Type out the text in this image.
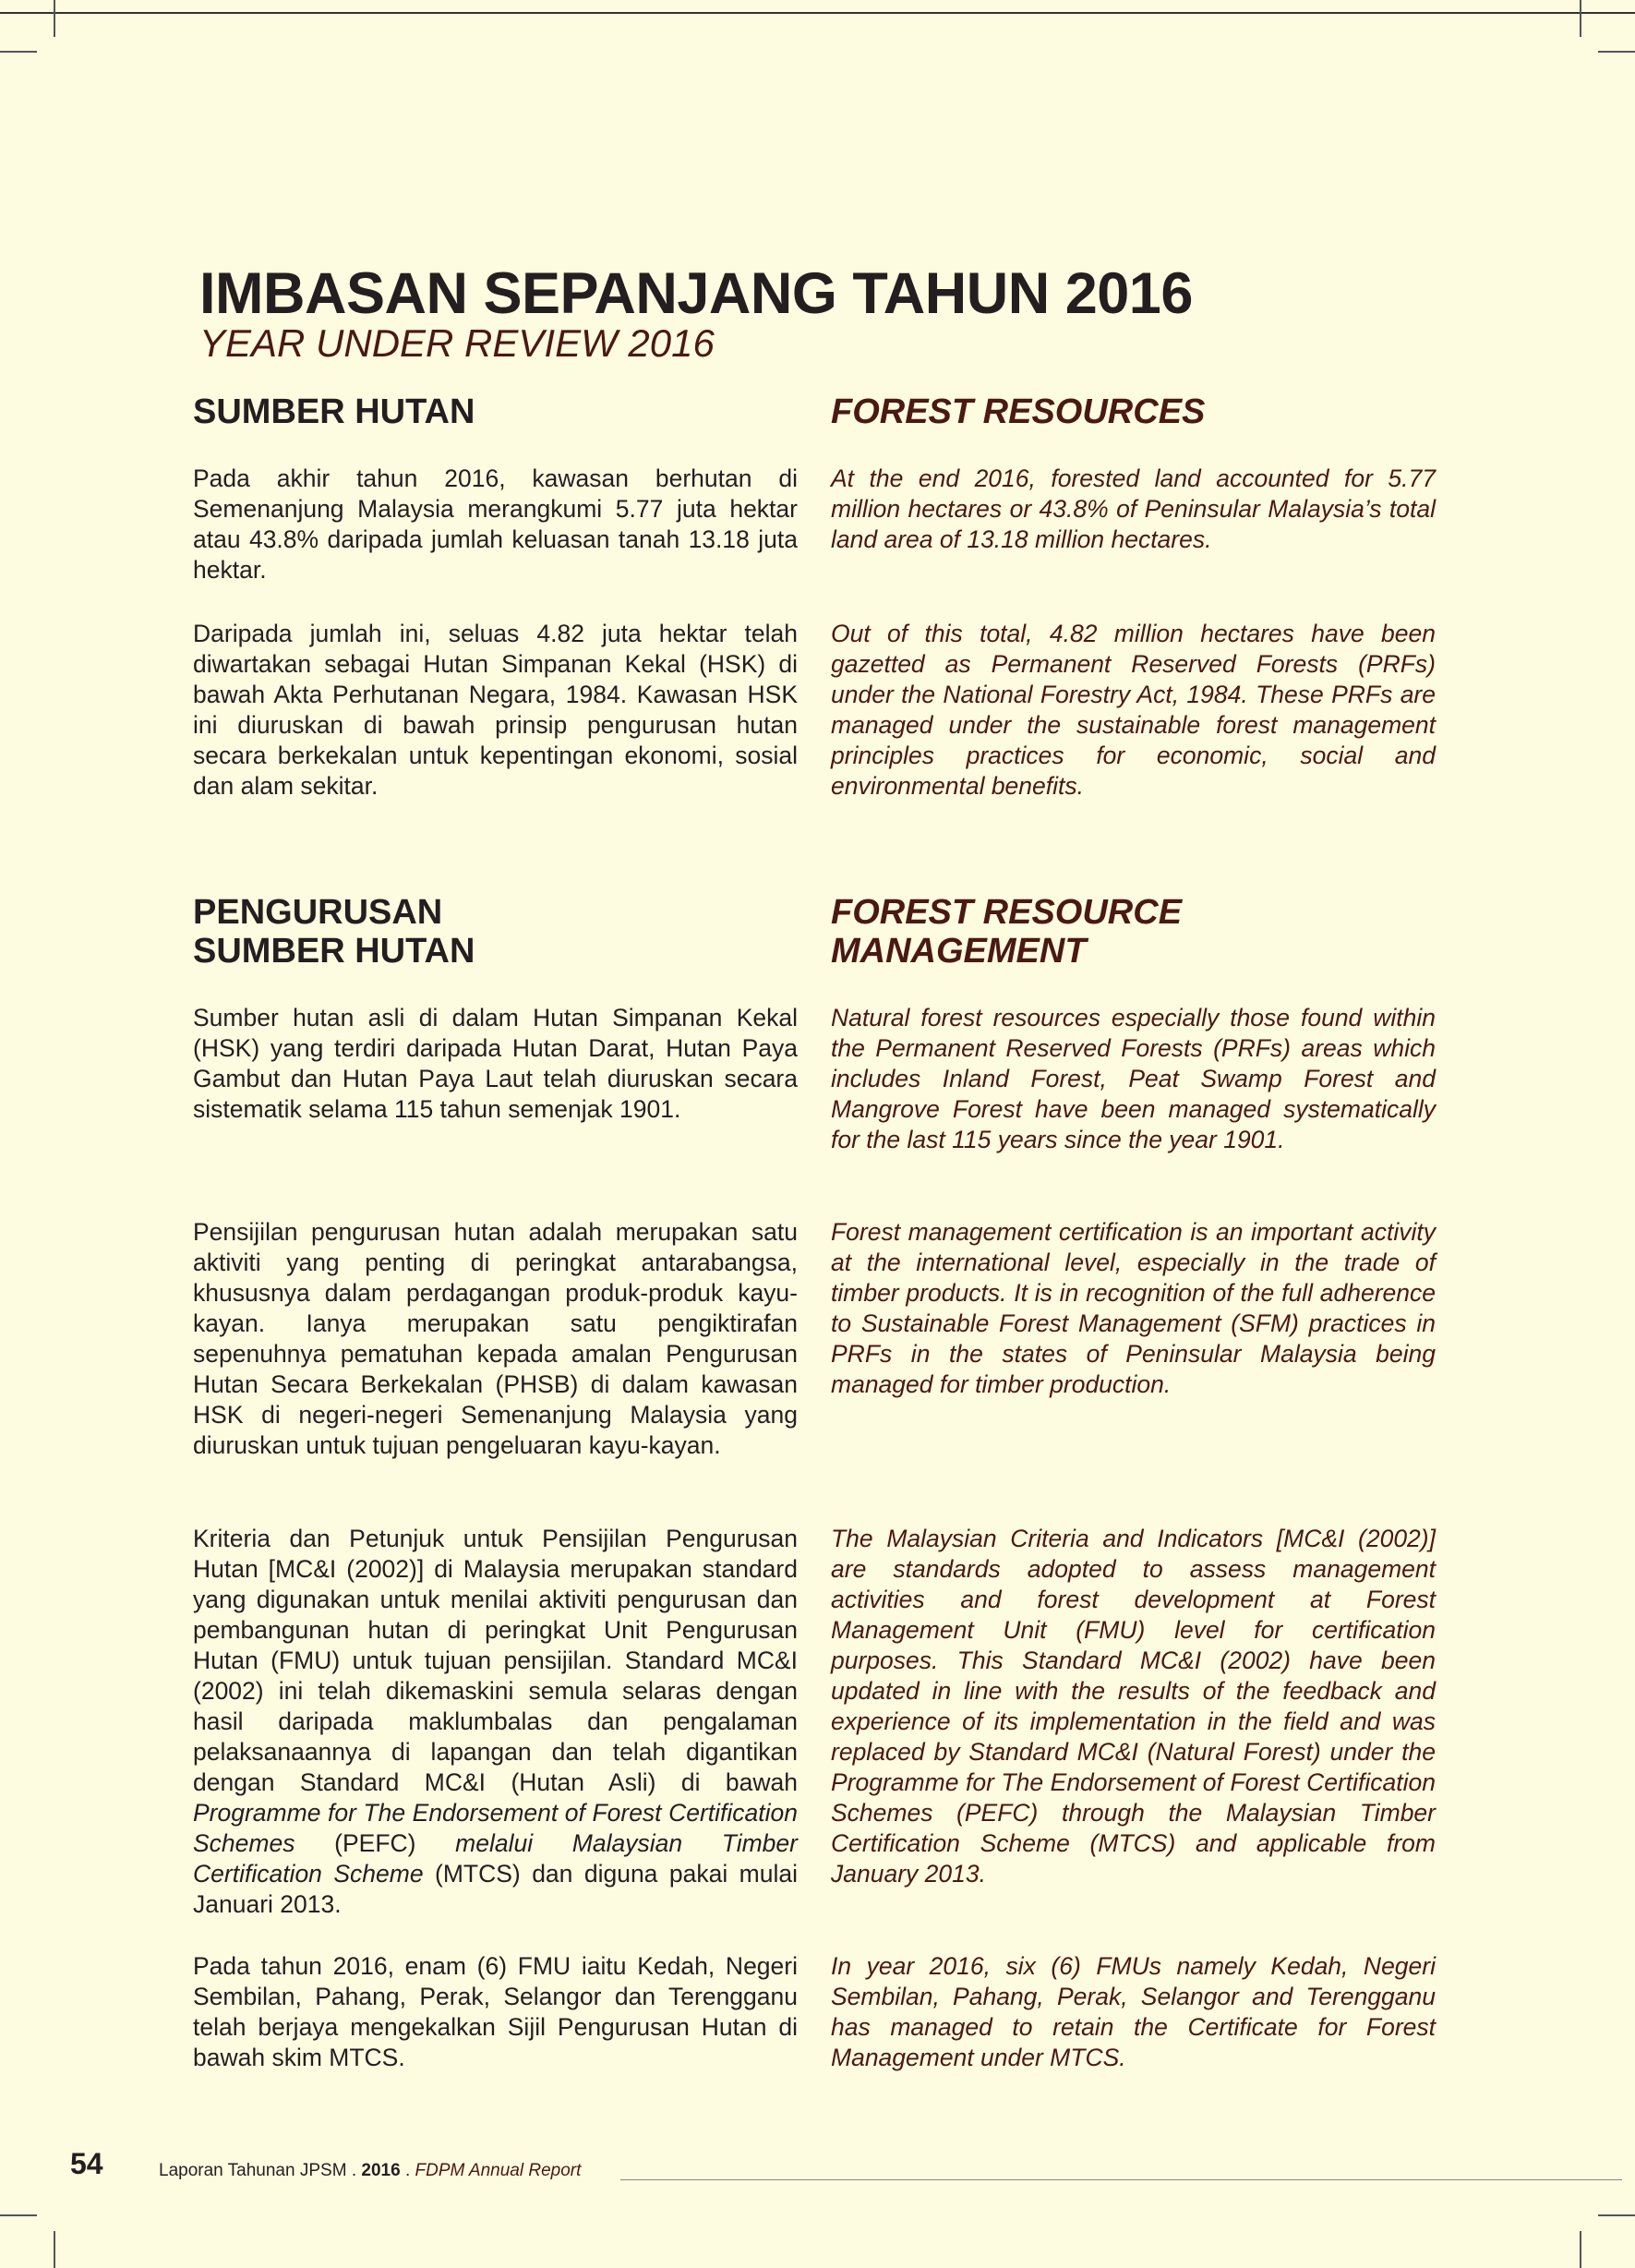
IMBASAN SEPANJANG TAHUN 2016
YEAR UNDER REVIEW 2016
SUMBER HUTAN	FOREST RESOURCES

Pada akhir tahun 2016, kawasan berhutan di Semenanjung Malaysia merangkumi 5.77 juta hektar atau 43.8% daripada jumlah keluasan tanah 13.18 juta hektar.

At the end 2016, forested land accounted for 5.77 million hectares or 43.8% of Peninsular Malaysia’s total land area of 13.18 million hectares.

Daripada jumlah ini, seluas 4.82 juta hektar telah diwartakan sebagai Hutan Simpanan Kekal (HSK) di bawah Akta Perhutanan Negara, 1984. Kawasan HSK ini diuruskan di bawah prinsip pengurusan hutan secara berkekalan untuk kepentingan ekonomi, sosial dan alam sekitar.

Out of this total, 4.82 million hectares have been gazetted as Permanent Reserved Forests (PRFs) under the National Forestry Act, 1984. These PRFs are managed under the sustainable forest management principles practices for economic, social and environmental benefits.

PENGURUSAN
SUMBER HUTAN
FOREST RESOURCE
MANAGEMENT

Sumber hutan asli di dalam Hutan Simpanan Kekal (HSK) yang terdiri daripada Hutan Darat, Hutan Paya Gambut dan Hutan Paya Laut telah diuruskan secara sistematik selama 115 tahun semenjak 1901.

Natural forest resources especially those found within the Permanent Reserved Forests (PRFs) areas which includes Inland Forest, Peat Swamp Forest and Mangrove Forest have been managed systematically for the last 115 years since the year 1901.

Pensijilan pengurusan hutan adalah merupakan satu aktiviti yang penting di peringkat antarabangsa, khususnya dalam perdagangan produk-produk kayu-kayan. Ianya merupakan satu pengiktirafan sepenuhnya pematuhan kepada amalan Pengurusan Hutan Secara Berkekalan (PHSB) di dalam kawasan HSK di negeri-negeri Semenanjung Malaysia yang diuruskan untuk tujuan pengeluaran kayu-kayan.

Forest management certification is an important activity at the international level, especially in the trade of timber products. It is in recognition of the full adherence to Sustainable Forest Management (SFM) practices in PRFs in the states of Peninsular Malaysia being managed for timber production.

Kriteria dan Petunjuk untuk Pensijilan Pengurusan Hutan [MC&I (2002)] di Malaysia merupakan standard yang digunakan untuk menilai aktiviti pengurusan dan pembangunan hutan di peringkat Unit Pengurusan Hutan (FMU) untuk tujuan pensijilan. Standard MC&I (2002) ini telah dikemaskini semula selaras dengan hasil daripada maklumbalas dan pengalaman pelaksanaannya di lapangan dan telah digantikan dengan Standard MC&I (Hutan Asli) di bawah Programme for The Endorsement of Forest Certification Schemes (PEFC) melalui Malaysian Timber Certification Scheme (MTCS) dan diguna pakai mulai Januari 2013.

The Malaysian Criteria and Indicators [MC&I (2002)] are standards adopted to assess management activities and forest development at Forest Management Unit (FMU) level for certification purposes. This Standard MC&I (2002) have been updated in line with the results of the feedback and experience of its implementation in the field and was replaced by Standard MC&I (Natural Forest) under the Programme for The Endorsement of Forest Certification Schemes (PEFC) through the Malaysian Timber Certification Scheme (MTCS) and applicable from January 2013.

Pada tahun 2016, enam (6) FMU iaitu Kedah, Negeri Sembilan, Pahang, Perak, Selangor dan Terengganu telah berjaya mengekalkan Sijil Pengurusan Hutan di bawah skim MTCS.

In year 2016, six (6) FMUs namely Kedah, Negeri Sembilan, Pahang, Perak, Selangor and Terengganu has managed to retain the Certificate for Forest Management under MTCS.

54	Laporan Tahunan JPSM . 2016 . FDPM Annual Report
